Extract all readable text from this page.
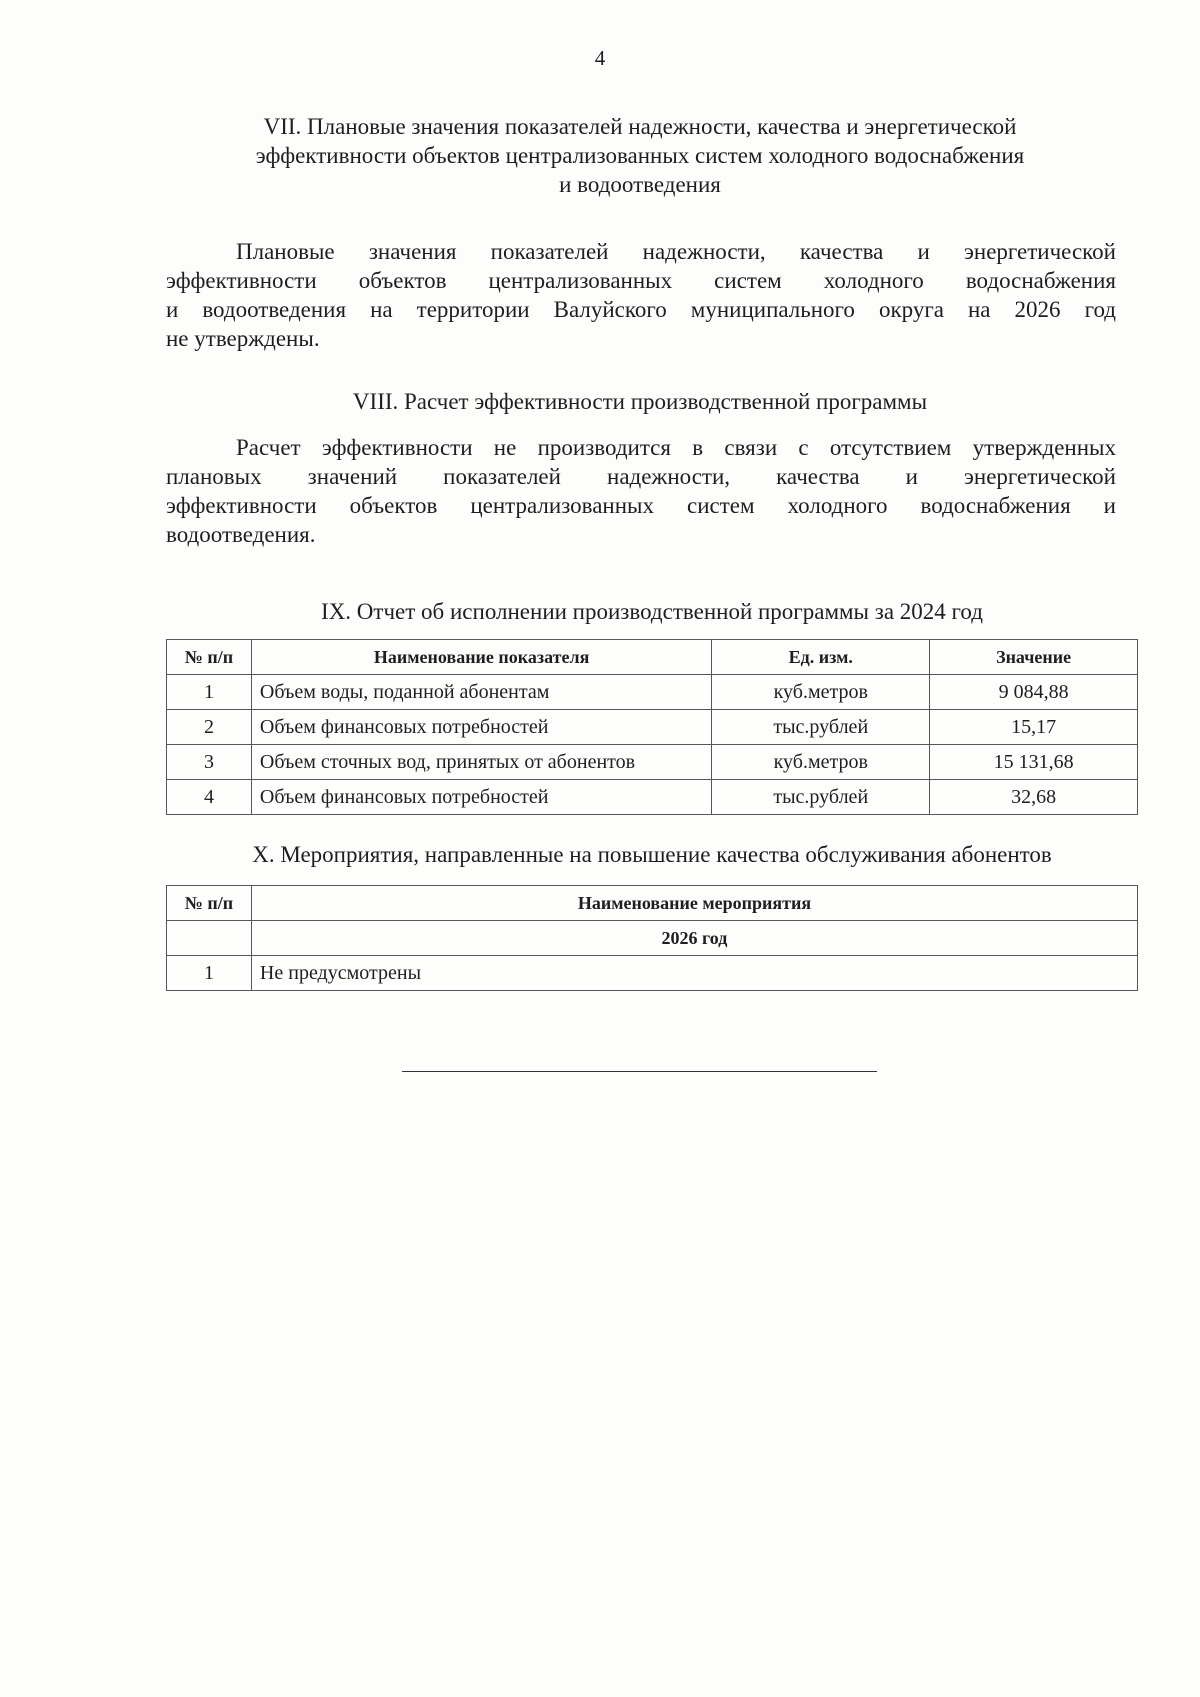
4
VII. Плановые значения показателей надежности, качества и энергетической
эффективности объектов централизованных систем холодного водоснабжения
и водоотведения
Плановые значения показателей надежности, качества и энергетической
эффективности объектов централизованных систем холодного водоснабжения
и водоотведения на территории Валуйского муниципального округа на 2026 год
не утверждены.
VIII. Расчет эффективности производственной программы
Расчет эффективности не производится в связи с отсутствием утвержденных
плановых значений показателей надежности, качества и энергетической
эффективности объектов централизованных систем холодного водоснабжения и
водоотведения.
IX. Отчет об исполнении производственной программы за 2024 год
№ п/п	Наименование показателя	Ед. изм.	Значение
1	Объем воды, поданной абонентам	куб.метров	9 084,88
2	Объем финансовых потребностей	тыс.рублей	15,17
3	Объем сточных вод, принятых от абонентов	куб.метров	15 131,68
4	Объем финансовых потребностей	тыс.рублей	32,68
X. Мероприятия, направленные на повышение качества обслуживания абонентов
№ п/п	Наименование мероприятия
	2026 год
1	Не предусмотрены
